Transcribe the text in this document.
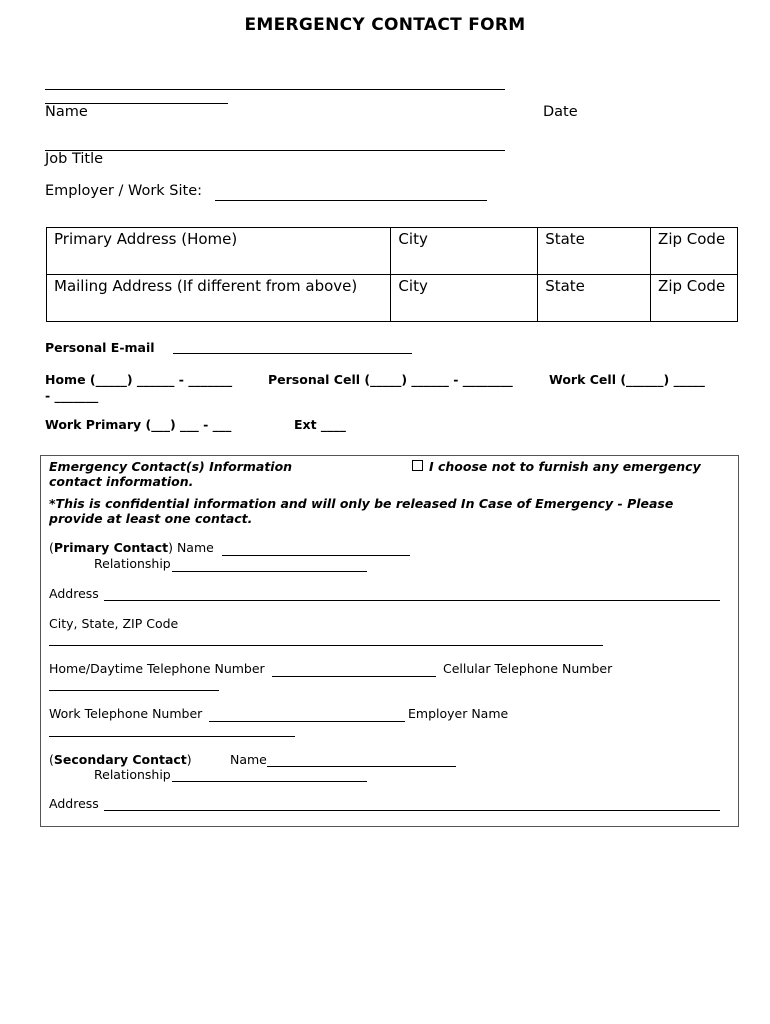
EMERGENCY CONTACT FORM
Name	Date
Job Title
Employer / Work Site:
Primary Address (Home)	City	State	Zip Code
Mailing Address (If different from above)	City	State	Zip Code
Personal E-mail
Home (_____) ______ - _______	Personal Cell (_____) ______ - ________	Work Cell (______) _____
- _______
Work Primary (___) ___ - ___	Ext ____
Emergency Contact(s) Information	I choose not to furnish any emergency
contact information.
*This is confidential information and will only be released In Case of Emergency - Please
provide at least one contact.
(Primary Contact) Name
Relationship
Address
City, State, ZIP Code
Home/Daytime Telephone Number	Cellular Telephone Number
Work Telephone Number	Employer Name
(Secondary Contact)	Name
Relationship
Address
